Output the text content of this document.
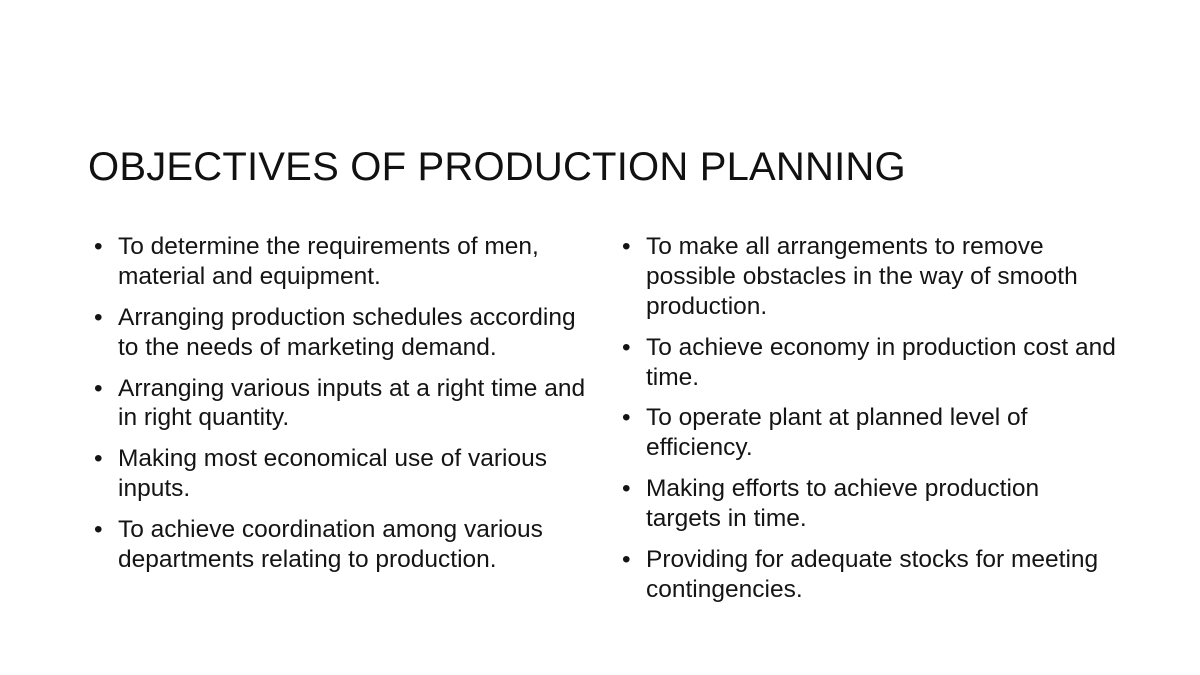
OBJECTIVES OF PRODUCTION PLANNING
• To determine the requirements of men, material and equipment.
• Arranging production schedules according to the needs of marketing demand.
• Arranging various inputs at a right time and in right quantity.
• Making most economical use of various inputs.
• To achieve coordination among various departments relating to production.
• To make all arrangements to remove possible obstacles in the way of smooth production.
• To achieve economy in production cost and time.
• To operate plant at planned level of efficiency.
• Making efforts to achieve production targets in time.
• Providing for adequate stocks for meeting contingencies.
